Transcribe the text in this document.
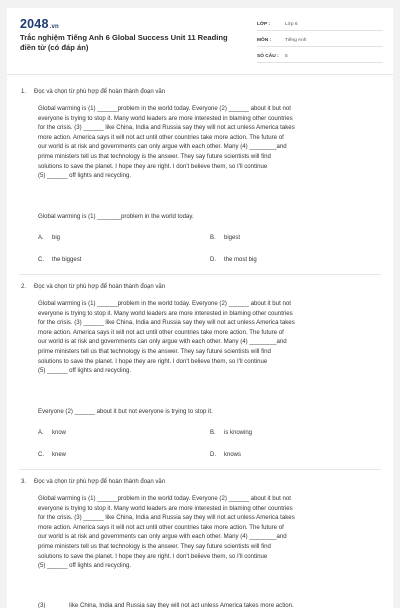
2048.vn
Trắc nghiệm Tiếng Anh 6 Global Success Unit 11 Reading điền từ (có đáp án)
LỚP :	Lớp 6
MÔN :	Tiếng Anh
SỐ CÂU :	5
1. Đọc và chọn từ phù hợp để hoàn thành đoạn văn
Global warming is (1) ______problem in the world today. Everyone (2) ______ about it but not
everyone is trying to stop it. Many world leaders are more interested in blaming other countries
for the crisis. (3) ______ like China, India and Russia say they will not act unless America takes
more action. America says it will not act until other countries take more action. The future of
our world is at risk and governments can only argue with each other. Many (4) ________and
prime ministers tell us that technology is the answer. They say future scientists will find
solutions to save the planet. I hope they are right. I don't believe them, so I'll continue
(5) ______ off lights and recycling.
Global warming is (1) _______problem in the world today.
A. big	B. bigest
C. the biggest	D. the most big
2. Đọc và chọn từ phù hợp để hoàn thành đoạn văn
Global warming is (1) ______problem in the world today. Everyone (2) ______ about it but not
everyone is trying to stop it. Many world leaders are more interested in blaming other countries
for the crisis. (3) ______ like China, India and Russia say they will not act unless America takes
more action. America says it will not act until other countries take more action. The future of
our world is at risk and governments can only argue with each other. Many (4) ________and
prime ministers tell us that technology is the answer. They say future scientists will find
solutions to save the planet. I hope they are right. I don't believe them, so I'll continue
(5) ______ off lights and recycling.
Everyone (2) ______ about it but not everyone is trying to stop it.
A. know	B. is knowing
C. knew	D. knows
3. Đọc và chọn từ phù hợp để hoàn thành đoạn văn
Global warming is (1) ______problem in the world today. Everyone (2) ______ about it but not
everyone is trying to stop it. Many world leaders are more interested in blaming other countries
for the crisis. (3) ______ like China, India and Russia say they will not act unless America takes
more action. America says it will not act until other countries take more action. The future of
our world is at risk and governments can only argue with each other. Many (4) ________and
prime ministers tell us that technology is the answer. They say future scientists will find
solutions to save the planet. I hope they are right. I don't believe them, so I'll continue
(5) ______ off lights and recycling.
(3) ______ like China, India and Russia say they will not act unless America takes more action.
